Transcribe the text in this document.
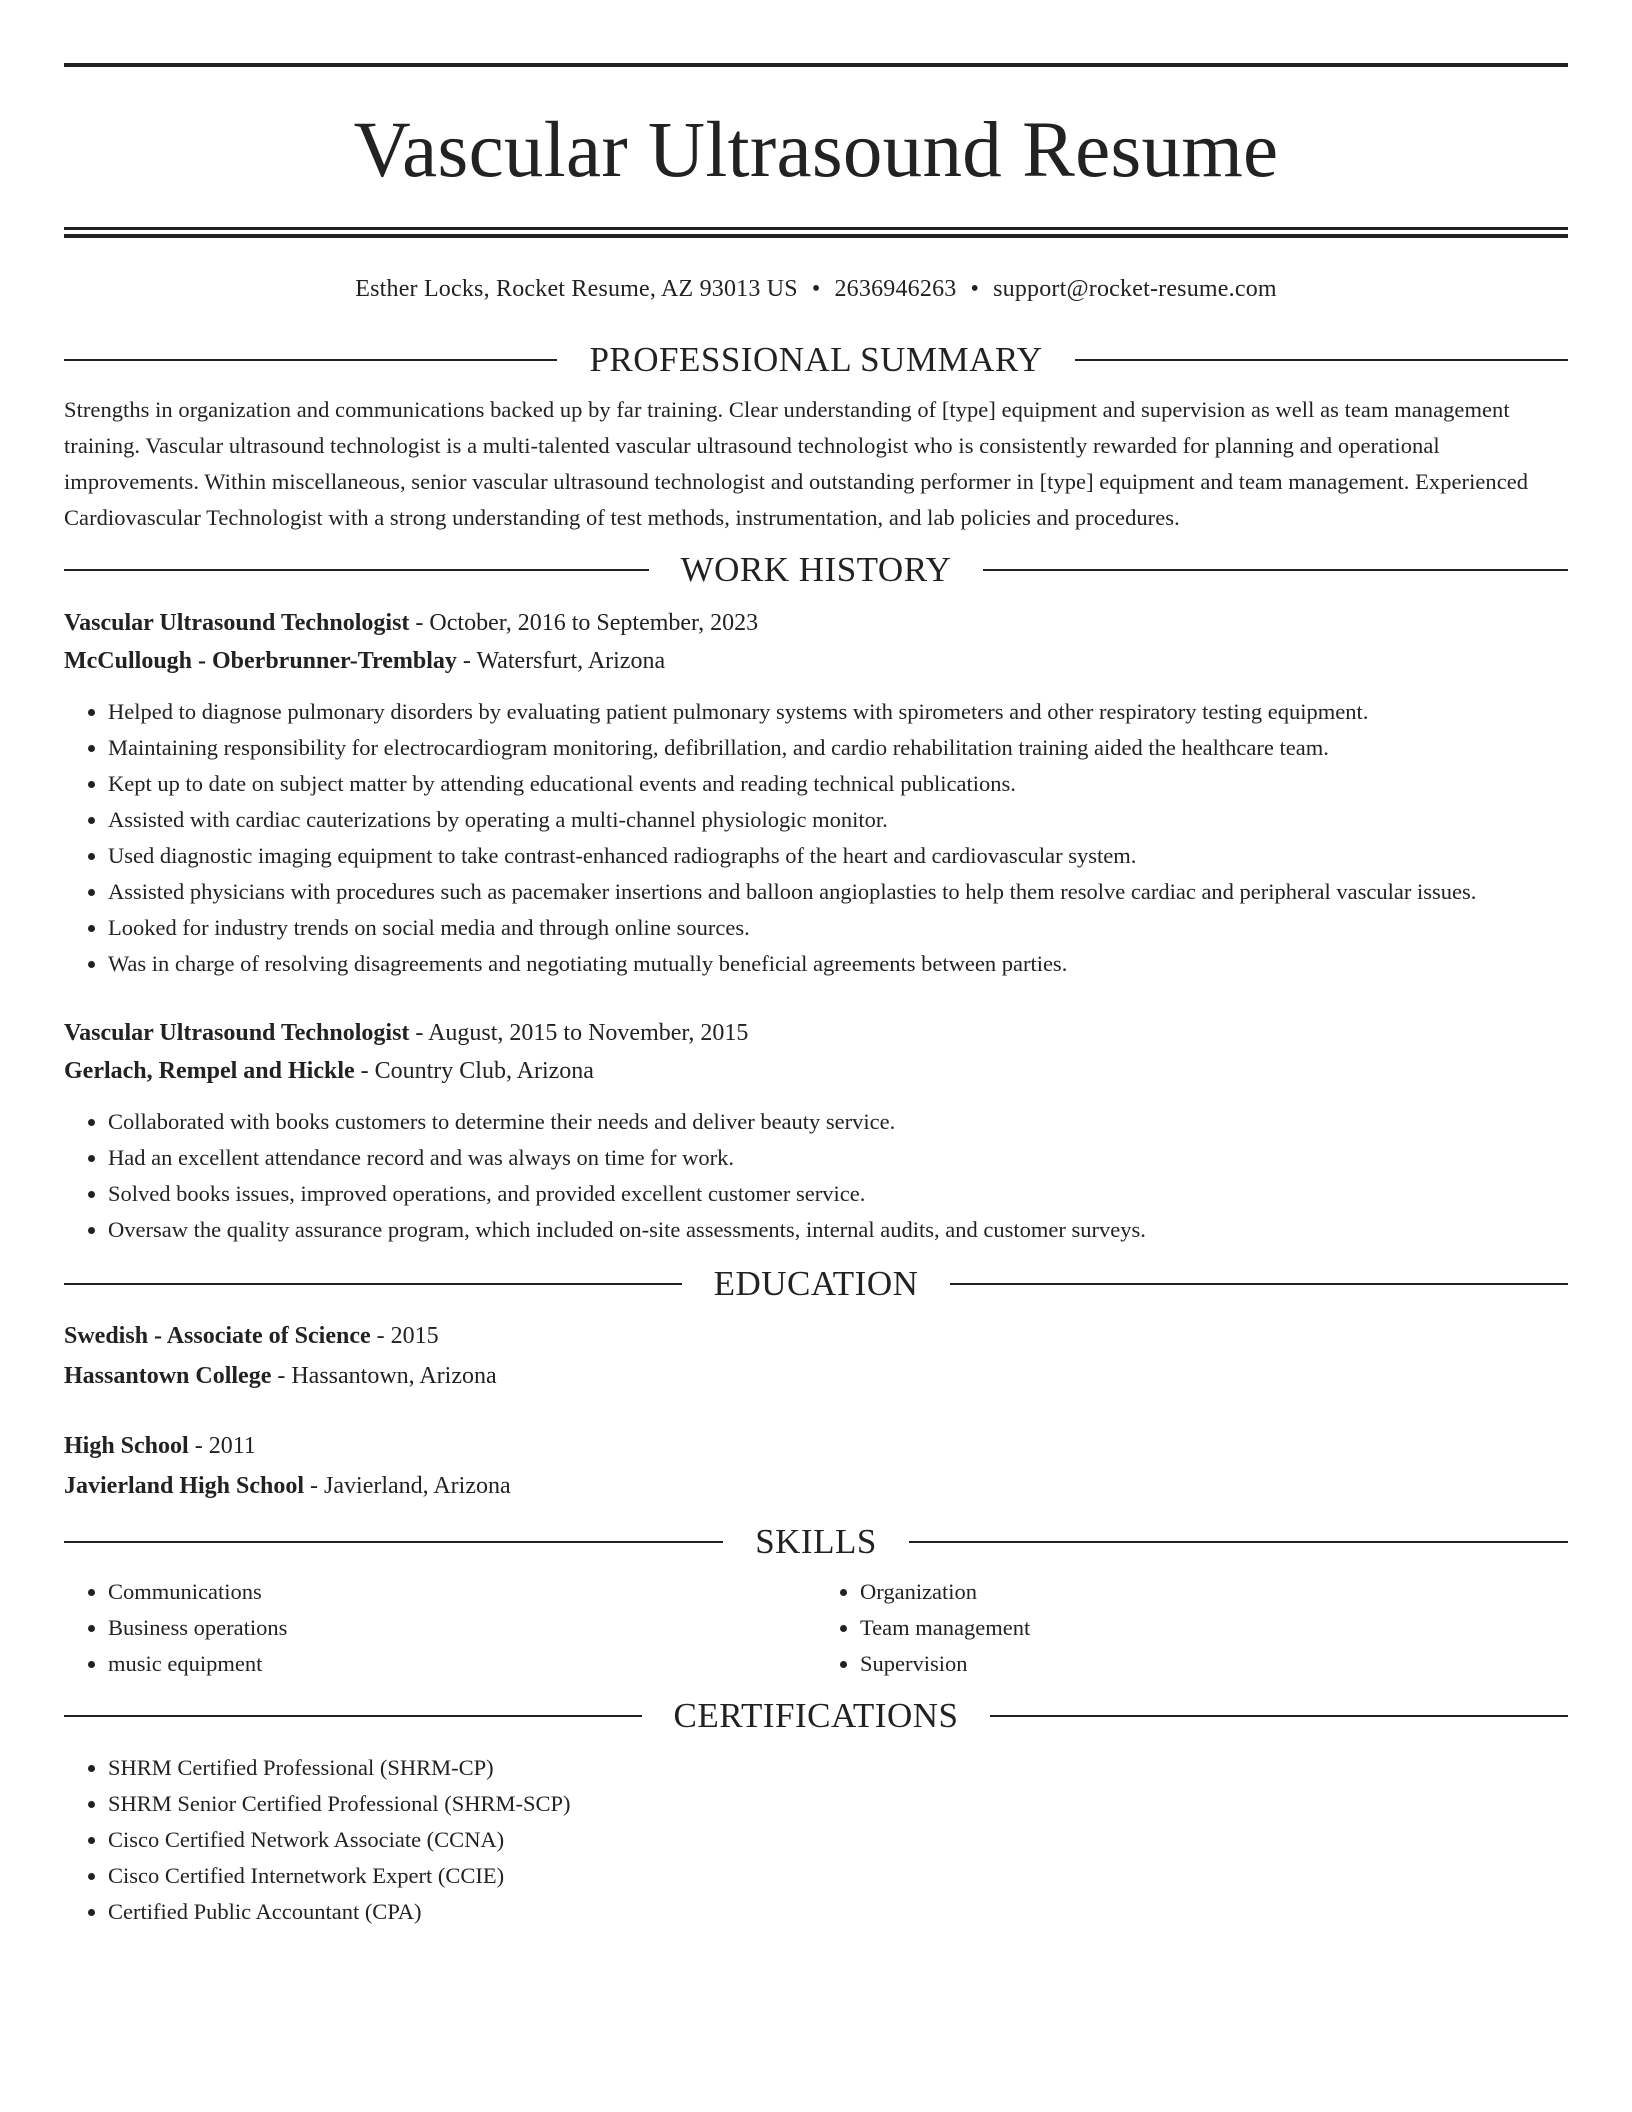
Vascular Ultrasound Resume
Esther Locks, Rocket Resume, AZ 93013 US • 2636946263 • support@rocket-resume.com
PROFESSIONAL SUMMARY

Strengths in organization and communications backed up by far training. Clear understanding of [type] equipment and supervision as well as team management training. Vascular ultrasound technologist is a multi-talented vascular ultrasound technologist who is consistently rewarded for planning and operational improvements. Within miscellaneous, senior vascular ultrasound technologist and outstanding performer in [type] equipment and team management. Experienced Cardiovascular Technologist with a strong understanding of test methods, instrumentation, and lab policies and procedures.

WORK HISTORY
Vascular Ultrasound Technologist - October, 2016 to September, 2023
McCullough - Oberbrunner-Tremblay - Watersfurt, Arizona
• Helped to diagnose pulmonary disorders by evaluating patient pulmonary systems with spirometers and other respiratory testing equipment.
• Maintaining responsibility for electrocardiogram monitoring, defibrillation, and cardio rehabilitation training aided the healthcare team.
• Kept up to date on subject matter by attending educational events and reading technical publications.
• Assisted with cardiac cauterizations by operating a multi-channel physiologic monitor.
• Used diagnostic imaging equipment to take contrast-enhanced radiographs of the heart and cardiovascular system.
• Assisted physicians with procedures such as pacemaker insertions and balloon angioplasties to help them resolve cardiac and peripheral vascular issues.
• Looked for industry trends on social media and through online sources.
• Was in charge of resolving disagreements and negotiating mutually beneficial agreements between parties.
Vascular Ultrasound Technologist - August, 2015 to November, 2015
Gerlach, Rempel and Hickle - Country Club, Arizona
• Collaborated with books customers to determine their needs and deliver beauty service.
• Had an excellent attendance record and was always on time for work.
• Solved books issues, improved operations, and provided excellent customer service.
• Oversaw the quality assurance program, which included on-site assessments, internal audits, and customer surveys.
EDUCATION
Swedish - Associate of Science - 2015
Hassantown College - Hassantown, Arizona
High School - 2011
Javierland High School - Javierland, Arizona
SKILLS
• Communications
• Business operations
• music equipment
• Organization
• Team management
• Supervision
CERTIFICATIONS
• SHRM Certified Professional (SHRM-CP)
• SHRM Senior Certified Professional (SHRM-SCP)
• Cisco Certified Network Associate (CCNA)
• Cisco Certified Internetwork Expert (CCIE)
• Certified Public Accountant (CPA)
